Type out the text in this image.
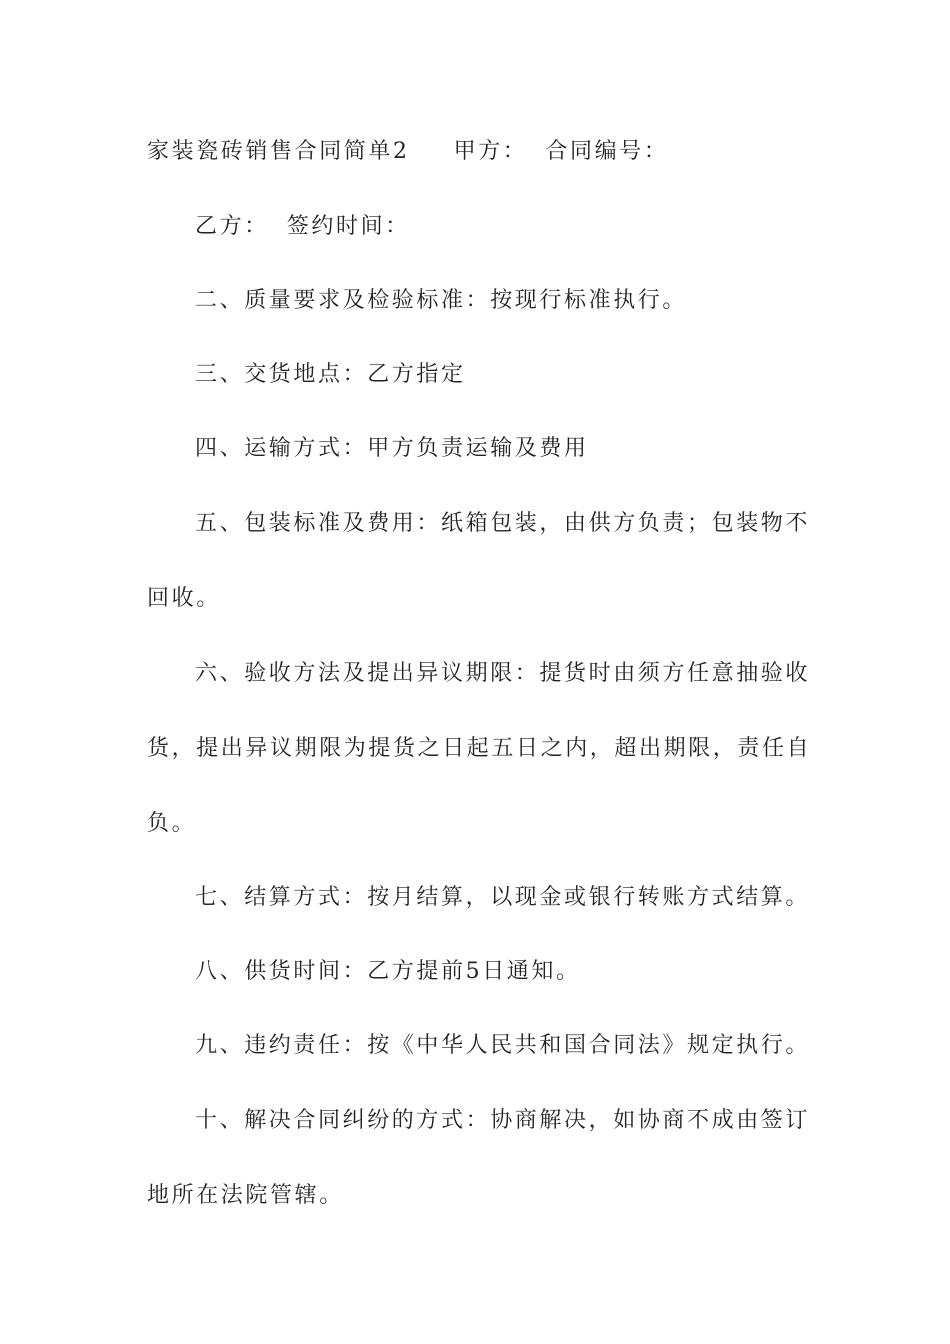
家装瓷砖销售合同简单2 甲方： 合同编号：
乙方： 签约时间：
二、质量要求及检验标准：按现行标准执行。
三、交货地点：乙方指定
四、运输方式：甲方负责运输及费用
五、包装标准及费用：纸箱包装，由供方负责；包装物不
回收。
六、验收方法及提出异议期限：提货时由须方任意抽验收
货，提出异议期限为提货之日起五日之内，超出期限，责任自
负。
七、结算方式：按月结算，以现金或银行转账方式结算。
八、供货时间：乙方提前5日通知。
九、违约责任：按《中华人民共和国合同法》规定执行。
十、解决合同纠纷的方式：协商解决，如协商不成由签订
地所在法院管辖。
